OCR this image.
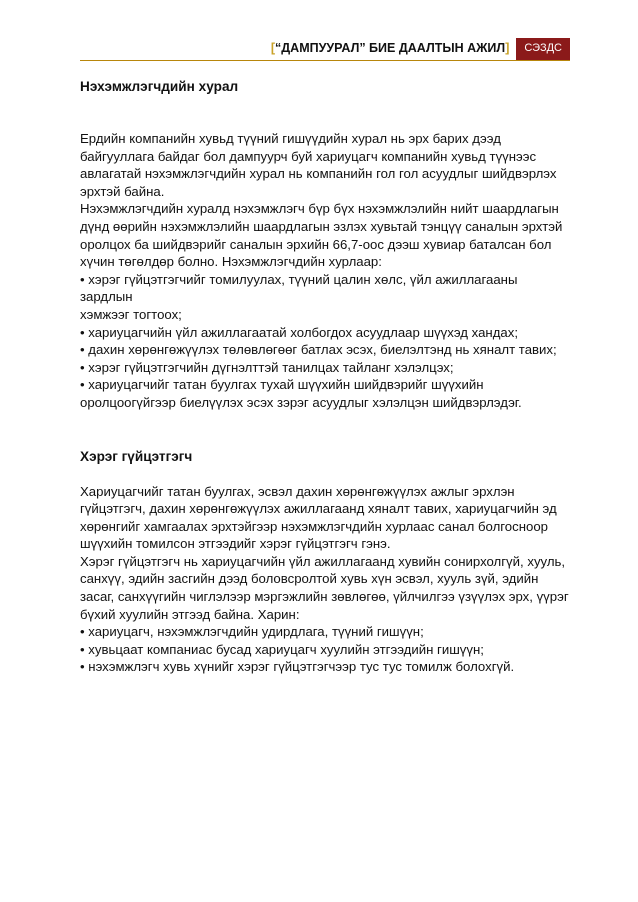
[“ДАМПУУРАЛ” БИЕ ДААЛТЫН АЖИЛ]	СЭЗДС
Нэхэмжлэгчдийн хурал

Ердийн компанийн хувьд түүний гишүүдийн хурал нь эрх барих дээд

байгууллага байдаг бол дампуурч буй хариуцагч компанийн хувьд түүнээс

авлагатай нэхэмжлэгчдийн хурал нь компанийн гол гол асуудлыг шийдвэрлэх

эрхтэй байна.

Нэхэмжлэгчдийн хуралд нэхэмжлэгч бүр бүх нэхэмжлэлийн нийт шаардлагын

дүнд өөрийн нэхэмжлэлийн шаардлагын эзлэх хувьтай тэнцүү саналын эрхтэй

оролцох ба шийдвэрийг саналын эрхийн 66,7-оос дээш хувиар баталсан бол

хүчин төгөлдөр болно. Нэхэмжлэгчдийн хурлаар:

• хэрэг гүйцэтгэгчийг томилуулах, түүний цалин хөлс, үйл ажиллагааны зардлын

хэмжээг тогтоох;

• хариуцагчийн үйл ажиллагаатай холбогдох асуудлаар шүүхэд хандах;

• дахин хөрөнгөжүүлэх төлөвлөгөөг батлах эсэх, биелэлтэнд нь хяналт тавих;

• хэрэг гүйцэтгэгчийн дүгнэлттэй танилцах тайланг хэлэлцэх;

• хариуцагчийг татан буулгах тухай шүүхийн шийдвэрийг шүүхийн

оролцоогүйгээр биелүүлэх эсэх зэрэг асуудлыг хэлэлцэн шийдвэрлэдэг.

Хэрэг гүйцэтгэгч

Хариуцагчийг татан буулгах, эсвэл дахин хөрөнгөжүүлэх ажлыг эрхлэн

гүйцэтгэгч, дахин хөрөнгөжүүлэх ажиллагаанд хяналт тавих, хариуцагчийн эд

хөрөнгийг хамгаалах эрхтэйгээр нэхэмжлэгчдийн хурлаас санал болгосноор

шүүхийн томилсон этгээдийг хэрэг гүйцэтгэгч гэнэ.

Хэрэг гүйцэтгэгч нь хариуцагчийн үйл ажиллагаанд хувийн сонирхолгүй, хууль,

санхүү, эдийн засгийн дээд боловсролтой хувь хүн эсвэл, хууль зүй, эдийн

засаг, санхүүгийн чиглэлээр мэргэжлийн зөвлөгөө, үйлчилгээ үзүүлэх эрх, үүрэг

бүхий хуулийн этгээд байна. Харин:

• хариуцагч, нэхэмжлэгчдийн удирдлага, түүний гишүүн;

• хувьцаат компаниас бусад хариуцагч хуулийн этгээдийн гишүүн;

• нэхэмжлэгч хувь хүнийг хэрэг гүйцэтгэгчээр тус тус томилж болохгүй.
